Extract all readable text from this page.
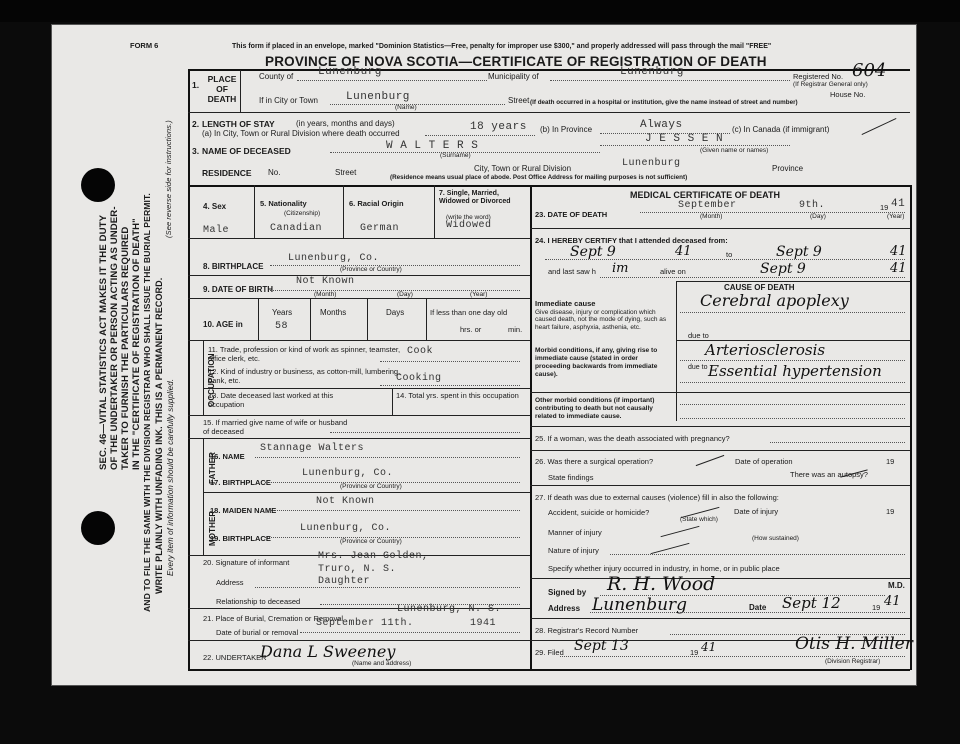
SEC. 46—VITAL STATISTICS ACT MAKES IT THE DUTY OF THE UNDERTAKER OR PERSON ACTING AS UNDER- TAKER TO FURNISH THE PARTICULARS REQUIRED IN THE "CERTIFICATE OF REGISTRATION OF DEATH" AND TO FILE THE SAME WITH THE DIVISION REGISTRAR WHO SHALL ISSUE THE BURIAL PERMIT. WRITE PLAINLY WITH UNFADING INK. THIS IS A PERMANENT RECORD. Every item of information should be carefully supplied.
(See reverse side for instructions.)
FORM 6	This form if placed in an envelope, marked "Dominion Statistics—Free, penalty for improper use $300," and properly addressed will pass through the mail "FREE"
PROVINCE OF NOVA SCOTIA—CERTIFICATE OF REGISTRATION OF DEATH
Registered No. 604
(If Registrar General only)
House No.
1.
PLACE OF DEATH
County of Lunenburg	Municipality of	Lunenburg
If in City or Town	Lunenburg
(Name)
Street (If death occurred in a hospital or institution, give the name instead of street and number)
2. LENGTH OF STAY	(in years, months and days)
(a) In City, Town or Rural Division where death occurred
18 years (b) In Province	Always	(c) In Canada (if immigrant)
3. NAME OF DECEASED	W A L T E R S
(Surname)
J E S S E N
(Given name or names)
RESIDENCE No.	Street	City, Town or Rural Division	Lunenburg	Province
(Residence means usual place of abode. Post Office Address for mailing purposes is not sufficient)
4. Sex
Male
5. Nationality
(Citizenship)
Canadian
6. Racial Origin
German
7. Single, Married, Widowed or Divorced
(write the word)
Widowed
8. BIRTHPLACE
Lunenburg, Co.
(Province or Country)
9. DATE OF BIRTH
Not Known
(Month)	(Day)	(Year)
10. AGE in
Years	Months	Days	If less than one day old
hrs. or	min.
58
OCCUPATION
11. Trade, profession or kind of work as spinner, teamster, office clerk, etc.
Cook
12. Kind of industry or business, as cotton-mill, lumbering, bank, etc.	Cooking
13. Date deceased last worked at this occupation
14. Total yrs. spent in this occupation
15. If married give name of wife or husband of deceased
FATHER
MOTHER
16. NAME
Stannage Walters
17. BIRTHPLACE
Lunenburg, Co.
(Province or Country)
18. MAIDEN NAME
Not Known
19. BIRTHPLACE
Lunenburg, Co.
(Province or Country)
20. Signature of informant
Mrs. Jean Golden,
Address
Truro, N. S.
Daughter
Relationship to deceased
21. Place of Burial, Cremation or Removal
Lunenburg, N. S.
Date of burial or removal
September 11th.	1941
22. UNDERTAKER
Dana L Sweeney
(Name and address)
MEDICAL CERTIFICATE OF DEATH
23. DATE OF DEATH
September	9th.	19 41
(Month)	(Day)	(Year)
24. I HEREBY CERTIFY that I attended deceased from:
Sept 9	41	to	Sept 9	41
and last saw h im	alive on	Sept 9	41
CAUSE OF DEATH
Immediate cause
Give disease, injury or complication which caused death, not the mode of dying, such as heart failure, asphyxia, asthenia, etc.
Cerebral apoplexy
due to
Morbid conditions, if any, giving rise to immediate cause (stated in order proceeding backwards from immediate cause).
Arteriosclerosis
due to Essential hypertension
Other morbid conditions (if important) contributing to death but not causally related to immediate cause.
25. If a woman, was the death associated with pregnancy?
26. Was there a surgical operation?	Date of operation	19
State findings	There was an autopsy?
27. If death was due to external causes (violence) fill in also the following:
Accident, suicide or homicide?
(State which)
Date of injury	19
Manner of injury
(How sustained)
Nature of injury
Specify whether injury occurred in industry, in home, or in public place
Signed by R. H. Wood	M.D.
Address Lunenburg	Date Sept 12	19 41
28. Registrar's Record Number
29. Filed Sept 13	19 41	Otis H. Miller
(Division Registrar)
